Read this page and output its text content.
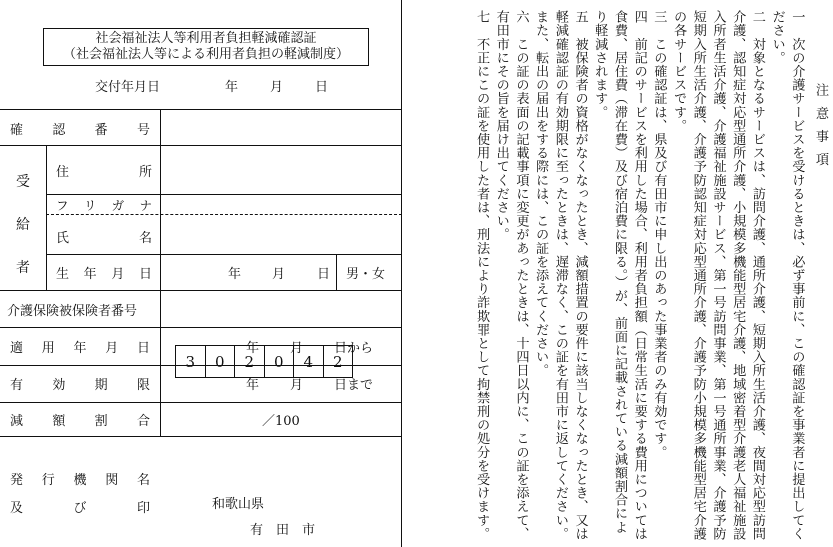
社会福祉法人等利用者負担軽減確認証
（社会福祉法人等による利用者負担の軽減制度）
交付年月日	年 月 日
確 認 番 号
受給者
住	所
フ リ ガ ナ
氏	名
生 年 月 日	年 月 日 男・女
介護保険被保険者番号
適 用 年 月 日	年 月 日から
有 効 期 限	年 月 日まで
減 額 割 合	／100
発 行 機 関 名
及	び	印
3	0	2	0	4	2
和歌山県
有　田　市
注意事項
一　次の介護サービスを受けるときは、必ず事前に、この確認証を事業者に提出してください。
二　対象となるサービスは、訪問介護、通所介護、短期入所生活介護、夜間対応型訪問介護、認知症対応型通所介護、小規模多機能型居宅介護、地域密着型介護老人福祉施設入所者生活介護、介護福祉施設サービス、第一号訪問事業、第一号通所事業、介護予防短期入所生活介護、介護予防認知症対応型通所介護、介護予防小規模多機能型居宅介護の各サービスです。
三　この確認証は、県及び有田市に申し出のあった事業者のみ有効です。
四　前記のサービスを利用した場合、利用者負担額（日常生活に要する費用については食費、居住費（滞在費）及び宿泊費に限る。）が、前面に記載されている減額割合により軽減されます。
五　被保険者の資格がなくなったとき、減額措置の要件に該当しなくなったとき、又は軽減確認証の有効期限に至ったときは、遅滞なく、この証を有田市に返してください。また、転出の届出をする際には、この証を添えてください。
六　この証の表面の記載事項に変更があったときは、十四日以内に、この証を添えて、有田市にその旨を届け出てください。
七　不正にこの証を使用した者は、刑法により詐欺罪として拘禁刑の処分を受けます。
